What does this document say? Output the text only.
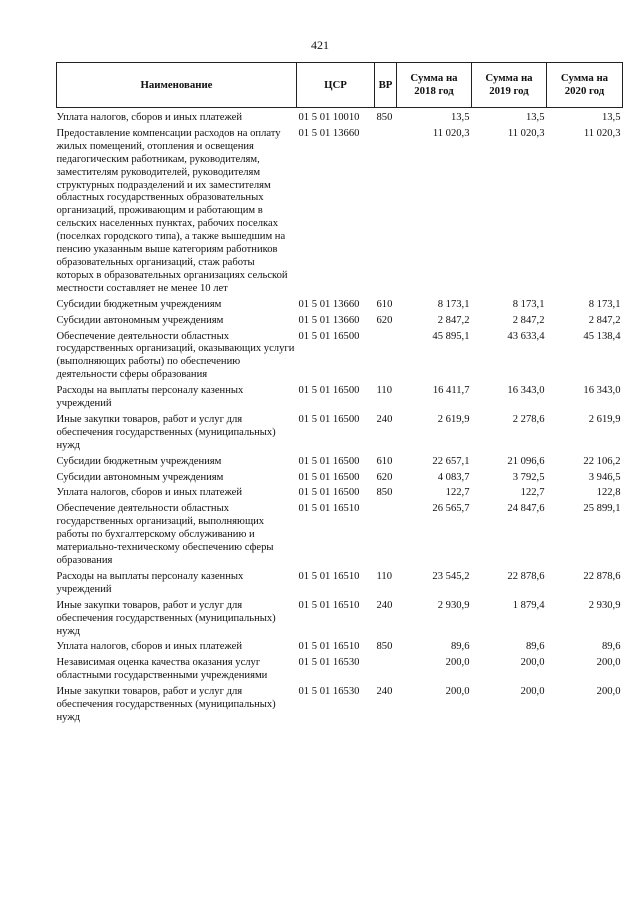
421
Наименование	ЦСР	ВР	Сумма на 2018 год	Сумма на 2019 год	Сумма на 2020 год
Уплата налогов, сборов и иных платежей	01 5 01 10010	850	13,5	13,5	13,5
Предоставление компенсации расходов на оплату жилых помещений, отопления и освещения педагогическим работникам, руководителям, заместителям руководителей, руководителям структурных подразделений и их заместителям областных государственных образовательных организаций, проживающим и работающим в сельских населенных пунктах, рабочих поселках (поселках городского типа), а также вышедшим на пенсию указанным выше категориям работников образовательных организаций, стаж работы которых в образовательных организациях сельской местности составляет не менее 10 лет	01 5 01 13660		11 020,3	11 020,3	11 020,3
Субсидии бюджетным учреждениям	01 5 01 13660	610	8 173,1	8 173,1	8 173,1
Субсидии автономным учреждениям	01 5 01 13660	620	2 847,2	2 847,2	2 847,2
Обеспечение деятельности областных государственных организаций, оказывающих услуги (выполняющих работы) по обеспечению деятельности сферы образования	01 5 01 16500		45 895,1	43 633,4	45 138,4
Расходы на выплаты персоналу казенных учреждений	01 5 01 16500	110	16 411,7	16 343,0	16 343,0
Иные закупки товаров, работ и услуг для обеспечения государственных (муниципальных) нужд	01 5 01 16500	240	2 619,9	2 278,6	2 619,9
Субсидии бюджетным учреждениям	01 5 01 16500	610	22 657,1	21 096,6	22 106,2
Субсидии автономным учреждениям	01 5 01 16500	620	4 083,7	3 792,5	3 946,5
Уплата налогов, сборов и иных платежей	01 5 01 16500	850	122,7	122,7	122,8
Обеспечение деятельности областных государственных организаций, выполняющих работы по бухгалтерскому обслуживанию и материально-техническому обеспечению сферы образования	01 5 01 16510		26 565,7	24 847,6	25 899,1
Расходы на выплаты персоналу казенных учреждений	01 5 01 16510	110	23 545,2	22 878,6	22 878,6
Иные закупки товаров, работ и услуг для обеспечения государственных (муниципальных) нужд	01 5 01 16510	240	2 930,9	1 879,4	2 930,9
Уплата налогов, сборов и иных платежей	01 5 01 16510	850	89,6	89,6	89,6
Независимая оценка качества оказания услуг областными государственными учреждениями	01 5 01 16530		200,0	200,0	200,0
Иные закупки товаров, работ и услуг для обеспечения государственных (муниципальных) нужд	01 5 01 16530	240	200,0	200,0	200,0
